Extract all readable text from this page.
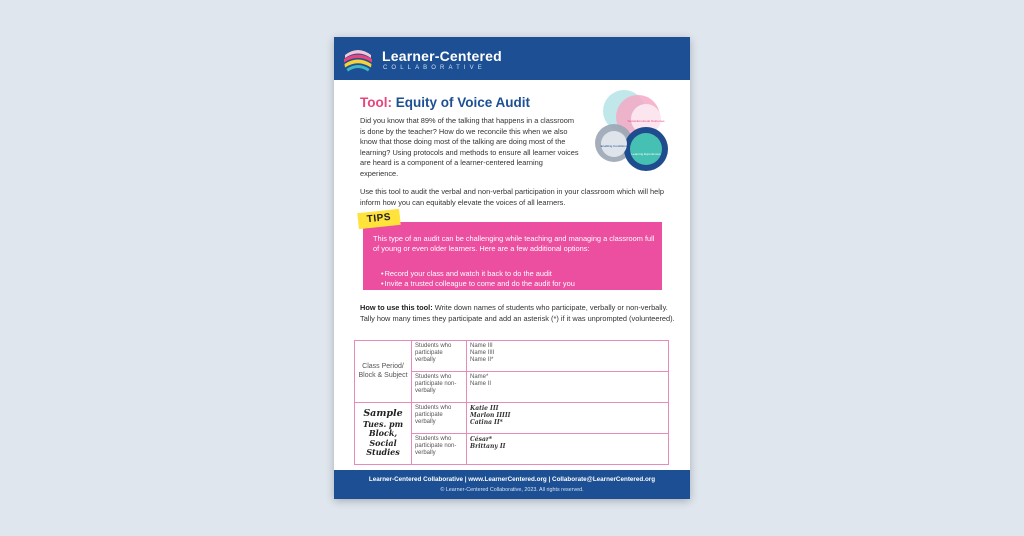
Learner-Centered
COLLABORATIVE
Tool: Equity of Voice Audit
Did you know that 89% of the talking that happens in a classroom is done by the teacher? How do we reconcile this when we also know that those doing most of the talking are doing most of the learning? Using protocols and methods to ensure all learner voices are heard is a component of a learner-centered learning experience.
Social-Emotional Outcomes
Enabling Conditions
Learning Experiences
Use this tool to audit the verbal and non-verbal participation in your classroom which will help inform how you can equitably elevate the voices of all learners.
This type of an audit can be challenging while teaching and managing a classroom full of young or even older learners. Here are a few additional options:
• Record your class and watch it back to do the audit
• Invite a trusted colleague to come and do the audit for you
TIPS
How to use this tool: Write down names of students who participate, verbally or non-verbally. Tally how many times they participate and add an asterisk (*) if it was unprompted (volunteered).
Class Period/ Block & Subject	Students who participate verbally	Name III
Name IIII
Name II*

	Students who participate non-verbally	Name*
Name II

Sample
Tues. pm Block, Social Studies	Students who participate verbally	Katie III
Marlon IIIII
Catina II*

	Students who participate non-verbally	César*
Brittany II
Learner-Centered Collaborative | www.LearnerCentered.org | Collaborate@LearnerCentered.org
© Learner-Centered Collaborative, 2023. All rights reserved.
